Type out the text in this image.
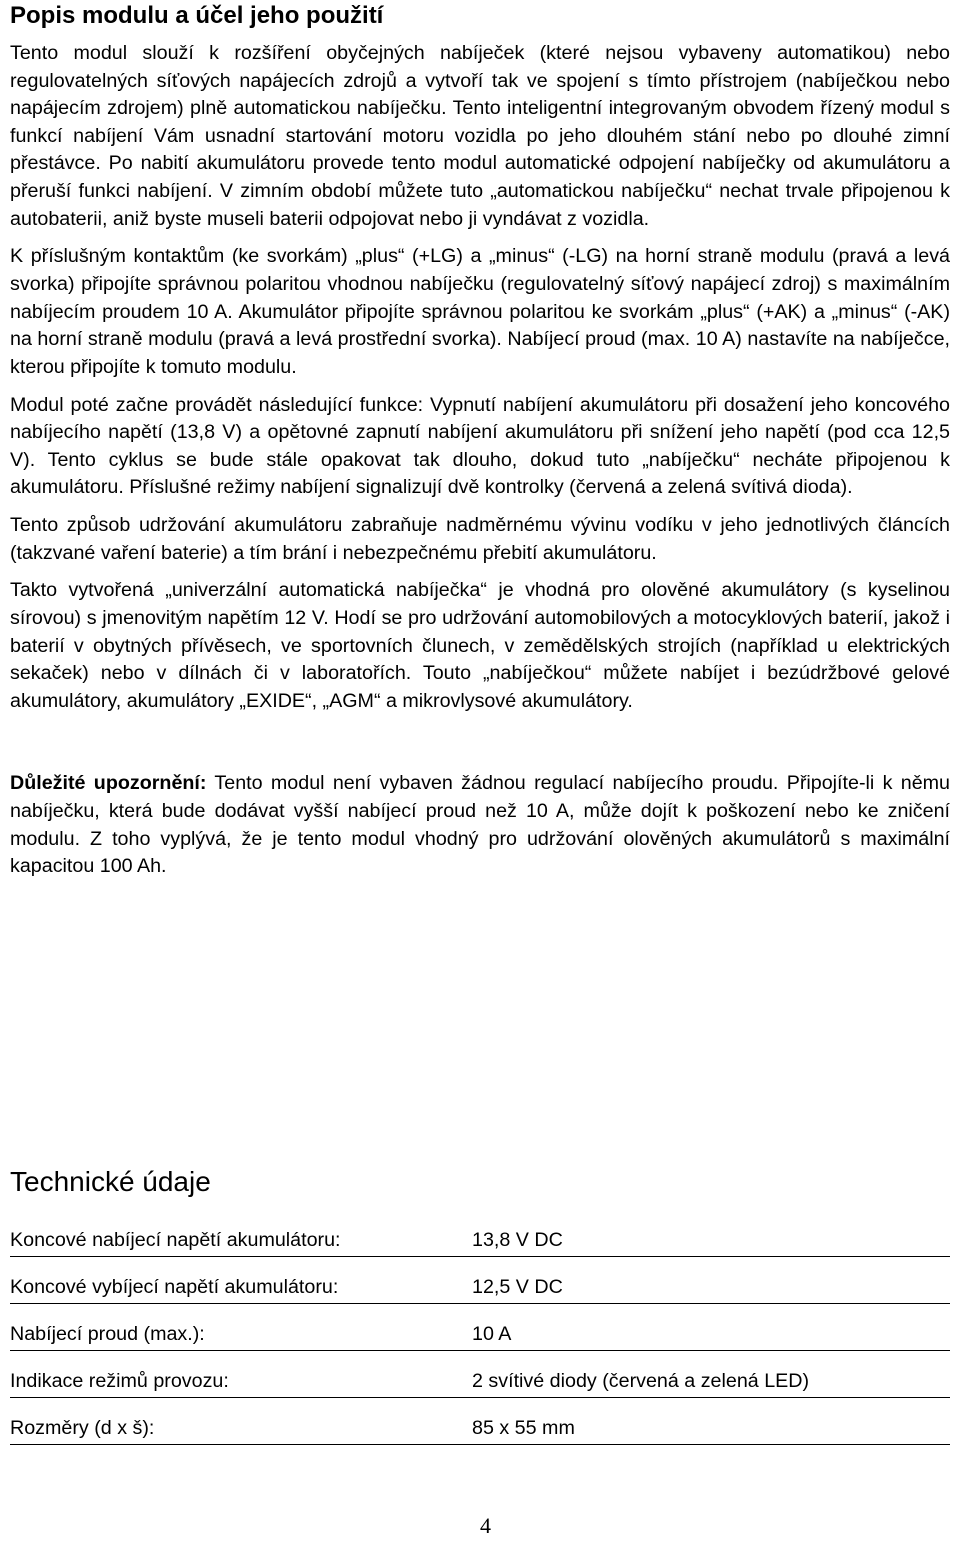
Popis modulu a účel jeho použití

Tento modul slouží k rozšíření obyčejných nabíječek (které nejsou vybaveny automatikou) nebo regulovatelných síťových napájecích zdrojů a vytvoří tak ve spojení s tímto přístrojem (nabíječkou nebo napájecím zdrojem) plně automatickou nabíječku. Tento inteligentní integrovaným obvodem řízený modul s funkcí nabíjení Vám usnadní startování motoru vozidla po jeho dlouhém stání nebo po dlouhé zimní přestávce. Po nabití akumulátoru provede tento modul automatické odpojení nabíječky od akumulátoru a přeruší funkci nabíjení. V zimním období můžete tuto „automatickou nabíječku“ nechat trvale připojenou k autobaterii, aniž byste museli baterii odpojovat nebo ji vyndávat z vozidla.

K příslušným kontaktům (ke svorkám) „plus“ (+LG) a „minus“ (-LG) na horní straně modulu (pravá a levá svorka) připojíte správnou polaritou vhodnou nabíječku (regulovatelný síťový napájecí zdroj) s maximálním nabíjecím proudem 10 A. Akumulátor připojíte správnou polaritou ke svorkám „plus“ (+AK) a „minus“ (-AK) na horní straně modulu (pravá a levá prostřední svorka). Nabíjecí proud (max. 10 A) nastavíte na nabíječce, kterou připojíte k tomuto modulu.

Modul poté začne provádět následující funkce: Vypnutí nabíjení akumulátoru při dosažení jeho koncového nabíjecího napětí (13,8 V) a opětovné zapnutí nabíjení akumulátoru při snížení jeho napětí (pod cca 12,5 V). Tento cyklus se bude stále opakovat tak dlouho, dokud tuto „nabíječku“ necháte připojenou k akumulátoru. Příslušné režimy nabíjení signalizují dvě kontrolky (červená a zelená svítivá dioda).

Tento způsob udržování akumulátoru zabraňuje nadměrnému vývinu vodíku v jeho jednotlivých článcích (takzvané vaření baterie) a tím brání i nebezpečnému přebití akumulátoru.

Takto vytvořená „univerzální automatická nabíječka“ je vhodná pro olověné akumulátory (s kyselinou sírovou) s jmenovitým napětím 12 V. Hodí se pro udržování automobilových a motocyklových baterií, jakož i baterií v obytných přívěsech, ve sportovních člunech, v zemědělských strojích (například u elektrických sekaček) nebo v dílnách či v laboratořích. Touto „nabíječkou“ můžete nabíjet i bezúdržbové gelové akumulátory, akumulátory „EXIDE“, „AGM“ a mikrovlysové akumulátory.

Důležité upozornění: Tento modul není vybaven žádnou regulací nabíjecího proudu. Připojíte-li k němu nabíječku, která bude dodávat vyšší nabíjecí proud než 10 A, může dojít k poškození nebo ke zničení modulu. Z toho vyplývá, že je tento modul vhodný pro udržování olověných akumulátorů s maximální kapacitou 100 Ah.

Technické údaje
Koncové nabíjecí napětí akumulátoru:	13,8 V DC
Koncové vybíjecí napětí akumulátoru:	12,5 V DC
Nabíjecí proud (max.):	10 A
Indikace režimů provozu:	2 svítivé diody (červená a zelená LED)
Rozměry (d x š):	85 x 55 mm
4
